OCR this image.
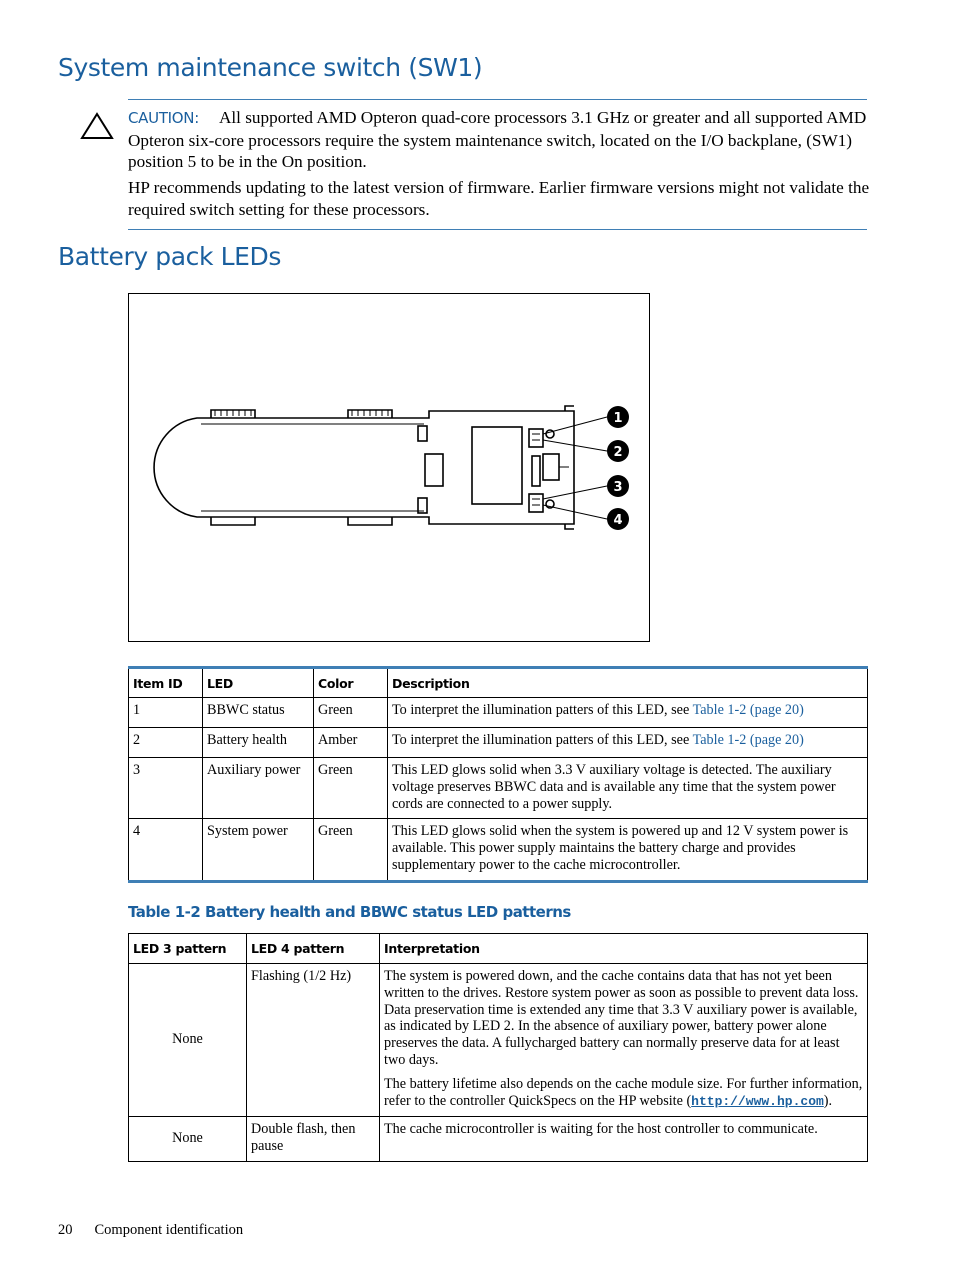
System maintenance switch (SW1)
CAUTION: All supported AMD Opteron quad-core processors 3.1 GHz or greater and all supported AMD Opteron six-core processors require the system maintenance switch, located on the I/O backplane, (SW1) position 5 to be in the On position.
HP recommends updating to the latest version of firmware. Earlier firmware versions might not validate the required switch setting for these processors.
Battery pack LEDs
1
2
3
4
Item ID	LED	Color	Description
1	BBWC status	Green	To interpret the illumination patters of this LED, see Table 1-2 (page 20)
2	Battery health	Amber	To interpret the illumination patters of this LED, see Table 1-2 (page 20)
3	Auxiliary power	Green	This LED glows solid when 3.3 V auxiliary voltage is detected. The auxiliary voltage preserves BBWC data and is available any time that the system power cords are connected to a power supply.
4	System power	Green	This LED glows solid when the system is powered up and 12 V system power is available. This power supply maintains the battery charge and provides supplementary power to the cache microcontroller.
Table 1-2 Battery health and BBWC status LED patterns
LED 3 pattern	LED 4 pattern	Interpretation
None	Flashing (1/2 Hz)	The system is powered down, and the cache contains data that has not yet been written to the drives. Restore system power as soon as possible to prevent data loss.
Data preservation time is extended any time that 3.3 V auxiliary power is available, as indicated by LED 2. In the absence of auxiliary power, battery power alone preserves the data. A fullycharged battery can normally preserve data for at least two days.
The battery lifetime also depends on the cache module size. For further information, refer to the controller QuickSpecs on the HP website (http://www.hp.com).

None	Double flash, then pause	The cache microcontroller is waiting for the host controller to communicate.
20 Component identification
